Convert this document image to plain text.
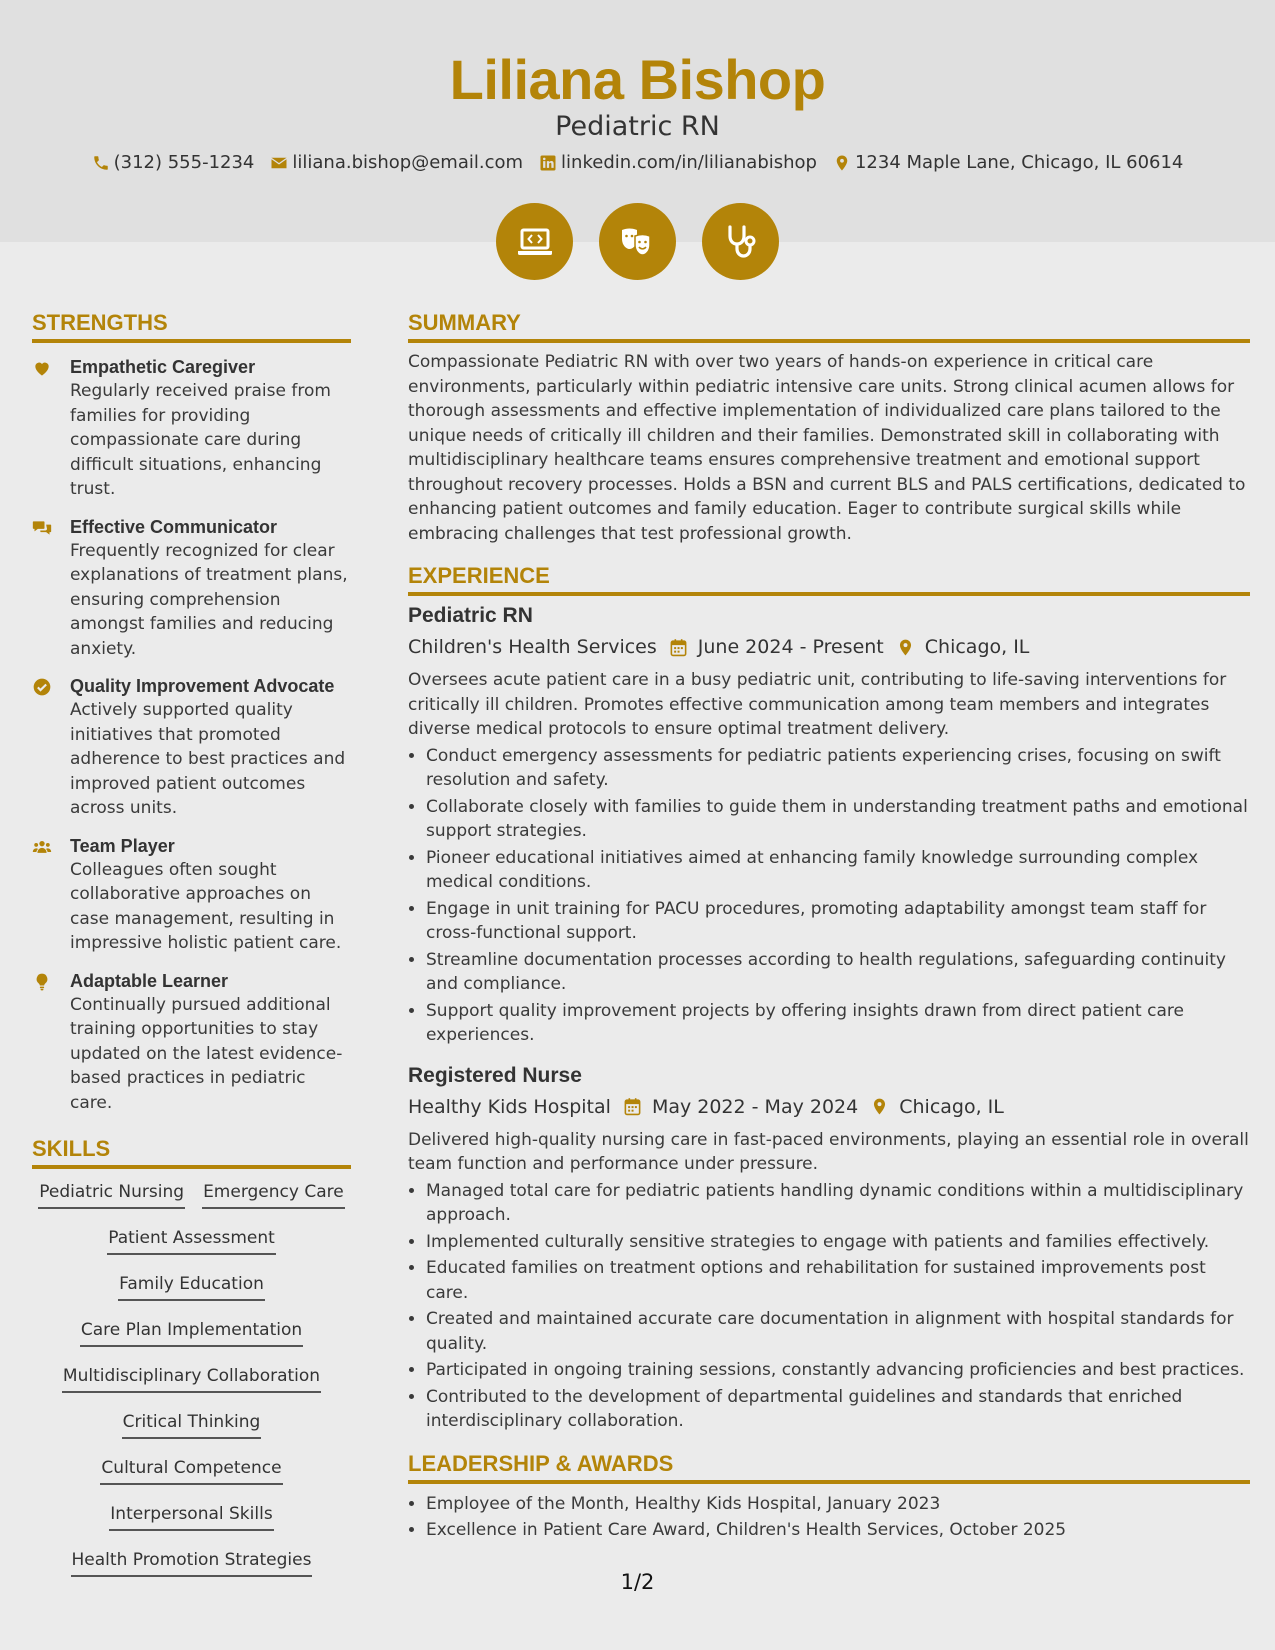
Liliana Bishop
Pediatric RN
(312) 555-1234 liliana.bishop@email.com linkedin.com/in/lilianabishop 1234 Maple Lane, Chicago, IL 60614
STRENGTHS
Empathetic Caregiver
Regularly received praise from families for providing compassionate care during difficult situations, enhancing trust.
Effective Communicator
Frequently recognized for clear explanations of treatment plans, ensuring comprehension amongst families and reducing anxiety.
Quality Improvement Advocate
Actively supported quality initiatives that promoted adherence to best practices and improved patient outcomes across units.
Team Player
Colleagues often sought collaborative approaches on case management, resulting in impressive holistic patient care.
Adaptable Learner
Continually pursued additional training opportunities to stay updated on the latest evidence-based practices in pediatric care.
SKILLS
Pediatric Nursing Emergency Care
Patient Assessment
Family Education
Care Plan Implementation
Multidisciplinary Collaboration
Critical Thinking
Cultural Competence
Interpersonal Skills
Health Promotion Strategies
SUMMARY
Compassionate Pediatric RN with over two years of hands-on experience in critical care environments, particularly within pediatric intensive care units. Strong clinical acumen allows for thorough assessments and effective implementation of individualized care plans tailored to the unique needs of critically ill children and their families. Demonstrated skill in collaborating with multidisciplinary healthcare teams ensures comprehensive treatment and emotional support throughout recovery processes. Holds a BSN and current BLS and PALS certifications, dedicated to enhancing patient outcomes and family education. Eager to contribute surgical skills while embracing challenges that test professional growth.
EXPERIENCE
Pediatric RN
Children's Health Services June 2024 - Present Chicago, IL
Oversees acute patient care in a busy pediatric unit, contributing to life-saving interventions for critically ill children. Promotes effective communication among team members and integrates diverse medical protocols to ensure optimal treatment delivery.
• Conduct emergency assessments for pediatric patients experiencing crises, focusing on swift resolution and safety.
• Collaborate closely with families to guide them in understanding treatment paths and emotional support strategies.
• Pioneer educational initiatives aimed at enhancing family knowledge surrounding complex medical conditions.
• Engage in unit training for PACU procedures, promoting adaptability amongst team staff for cross-functional support.
• Streamline documentation processes according to health regulations, safeguarding continuity and compliance.
• Support quality improvement projects by offering insights drawn from direct patient care experiences.
Registered Nurse
Healthy Kids Hospital May 2022 - May 2024 Chicago, IL
Delivered high-quality nursing care in fast-paced environments, playing an essential role in overall team function and performance under pressure.
• Managed total care for pediatric patients handling dynamic conditions within a multidisciplinary approach.
• Implemented culturally sensitive strategies to engage with patients and families effectively.
• Educated families on treatment options and rehabilitation for sustained improvements post care.
• Created and maintained accurate care documentation in alignment with hospital standards for quality.
• Participated in ongoing training sessions, constantly advancing proficiencies and best practices.
• Contributed to the development of departmental guidelines and standards that enriched interdisciplinary collaboration.
LEADERSHIP & AWARDS
• Employee of the Month, Healthy Kids Hospital, January 2023
• Excellence in Patient Care Award, Children's Health Services, October 2025
1/2
